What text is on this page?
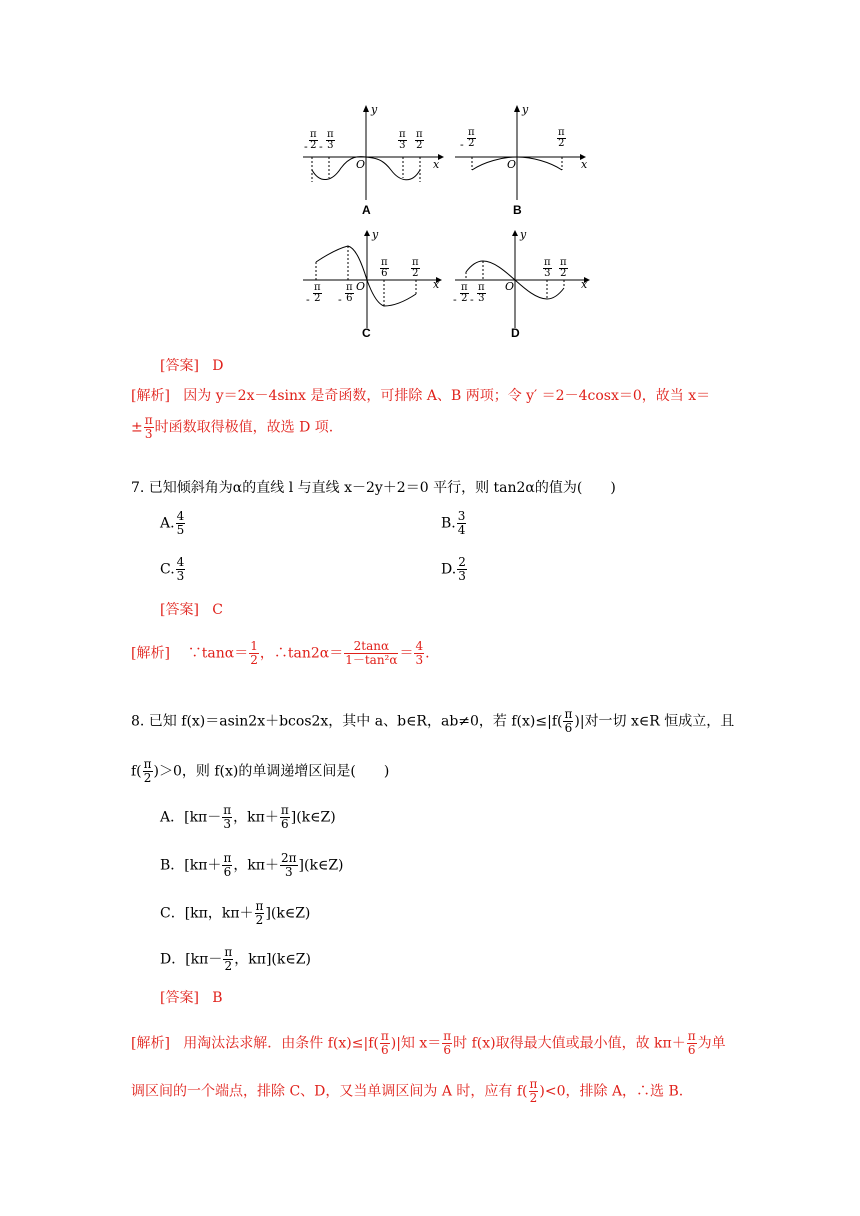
y
x
O
- $\frac{\pi}{2} - \frac{\pi}{3}$	$\frac{\pi}{3} \frac{\pi}{2}$
A
y
x
O
- $\frac{\pi}{2}$	$\frac{\pi}{2}$
B
y
x
O
- $\frac{\pi}{2} - \frac{\pi}{6}$
$\frac{\pi}{6} \frac{\pi}{2}$
C
y
x
O
- $\frac{\pi}{2} - \frac{\pi}{3}$
$\frac{\pi}{3} \frac{\pi}{2}$
D
[答案] D
[解析] 因为 y＝2x－4sinx 是奇函数，可排除 A、B 两项；令 y′ ＝2－4cosx＝0，故当 x＝
± $\frac{\pi}{3}$ 时函数取得极值，故选 D 项.
7. 已知倾斜角为α的直线 l 与直线 x－2y＋2＝0 平行，则 tan2α的值为(　　)
A. $\frac{4}{5}$	B. $\frac{3}{4}$
C. $\frac{4}{3}$	D. $\frac{2}{3}$
[答案] C
[解析] ∵tanα＝ $\frac{1}{2}$ ，∴tan2α＝ $\frac{2\tan\alpha}{\text{1－tan²α}} = \frac{4}{3}$ .
8. 已知 f(x)＝asin2x＋bcos2x，其中 a、b∈R，ab≠0，若 $f(x)\le|f( \frac{\pi}{6}$ )|对一切 x∈R 恒成立，且
$f( \frac{\pi}{2} )>0$，则 f(x)的单调递增区间是(　　)
A．[$k\pi- \frac{\pi}{3}$ ，$k\pi+ \frac{\pi}{6}$ ](k∈Z)
B．[$k\pi+ \frac{\pi}{6}$ ，$k\pi+ \frac{2\pi}{3}$ ](k∈Z)
C．[kπ，$k\pi+ \frac{\pi}{2}$ ](k∈Z)
D．[$k\pi- \frac{\pi}{2}$ ，kπ](k∈Z)
[答案] B
[解析] 用淘汰法求解．由条件 $f(x)\le|f( \frac{\pi}{6}$ )|知 $x= \frac{\pi}{6}$ 时 f(x)取得最大值或最小值，故 $k\pi+ \frac{\pi}{6}$ 为单
调区间的一个端点，排除 C、D，又当单调区间为 A 时，应有 $f( \frac{\pi}{2} )<0$，排除 A，∴选 B.
